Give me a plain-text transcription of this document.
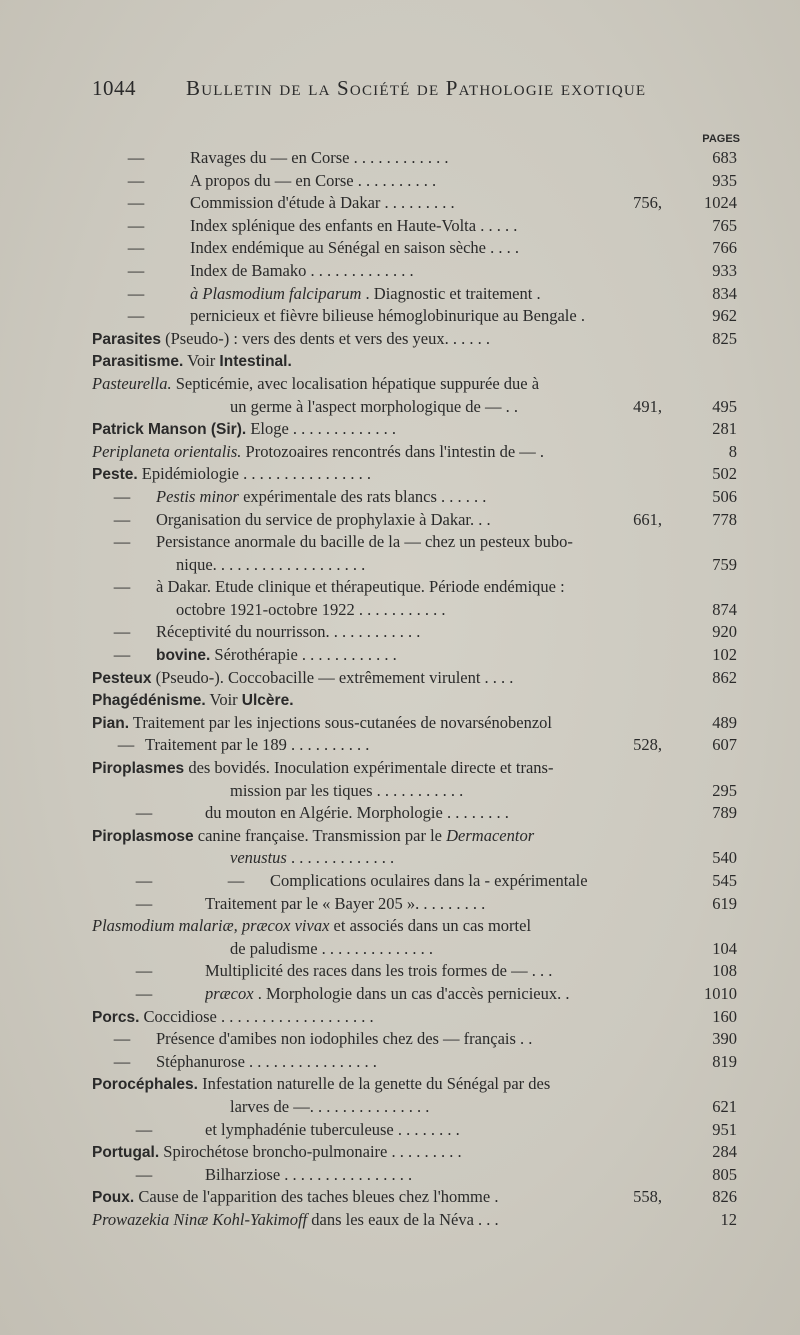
1044 Bulletin de la Société de Pathologie exotique
PAGES
—	Ravages du — en Corse . . . . . . . . . . . .	683
—	A propos du — en Corse . . . . . . . . . .	935
—	Commission d'étude à Dakar . . . . . . . . .	756,	1024
—	Index splénique des enfants en Haute-Volta . . . . .	765
—	Index endémique au Sénégal en saison sèche . . . .	766
—	Index de Bamako . . . . . . . . . . . . .	933
—	à Plasmodium falciparum . Diagnostic et traitement .	834
—	pernicieux et fièvre bilieuse hémoglobinurique au Bengale .	962
Parasites (Pseudo-) : vers des dents et vers des yeux. . . . . .	825
Parasitisme. Voir Intestinal.
Pasteurella. Septicémie, avec localisation hépatique suppurée due à
un germe à l'aspect morphologique de — . .	491,	495
Patrick Manson (Sir). Eloge . . . . . . . . . . . . .	281
Periplaneta orientalis. Protozoaires rencontrés dans l'intestin de — .	8
Peste. Epidémiologie . . . . . . . . . . . . . . . .	502
— Pestis minor expérimentale des rats blancs . . . . . .	506
— Organisation du service de prophylaxie à Dakar. . .	661,	778
— Persistance anormale du bacille de la — chez un pesteux bubo-
nique. . . . . . . . . . . . . . . . . . .	759
— à Dakar. Etude clinique et thérapeutique. Période endémique :
octobre 1921-octobre 1922 . . . . . . . . . . .	874
— Réceptivité du nourrisson. . . . . . . . . . . .	920
— bovine. Sérothérapie . . . . . . . . . . . .	102
Pesteux (Pseudo-). Coccobacille — extrêmement virulent . . . .	862
Phagédénisme. Voir Ulcère.
Pian. Traitement par les injections sous-cutanées de novarsénobenzol	489
— Traitement par le 189 . . . . . . . . . .	528,	607
Piroplasmes des bovidés. Inoculation expérimentale directe et trans-
mission par les tiques . . . . . . . . . . .	295
—	du mouton en Algérie. Morphologie . . . . . . . .	789
Piroplasmose canine française. Transmission par le Dermacentor
venustus . . . . . . . . . . . . .	540
—	— Complications oculaires dans la - expérimentale	545
—	Traitement par le « Bayer 205 ». . . . . . . . .	619
Plasmodium malariæ, præcox vivax et associés dans un cas mortel
de paludisme . . . . . . . . . . . . . .	104
—	Multiplicité des races dans les trois formes de — . . .	108
—	præcox . Morphologie dans un cas d'accès pernicieux. .	1010
Porcs. Coccidiose . . . . . . . . . . . . . . . . . . .	160
— Présence d'amibes non iodophiles chez des — français . .	390
— Stéphanurose . . . . . . . . . . . . . . . .	819
Porocéphales. Infestation naturelle de la genette du Sénégal par des
larves de —. . . . . . . . . . . . . . .	621
—	et lymphadénie tuberculeuse . . . . . . . .	951
Portugal. Spirochétose broncho-pulmonaire . . . . . . . . .	284
—	Bilharziose . . . . . . . . . . . . . . . .	805
Poux. Cause de l'apparition des taches bleues chez l'homme .	558,	826
Prowazekia Ninæ Kohl-Yakimoff dans les eaux de la Néva . . .	12
